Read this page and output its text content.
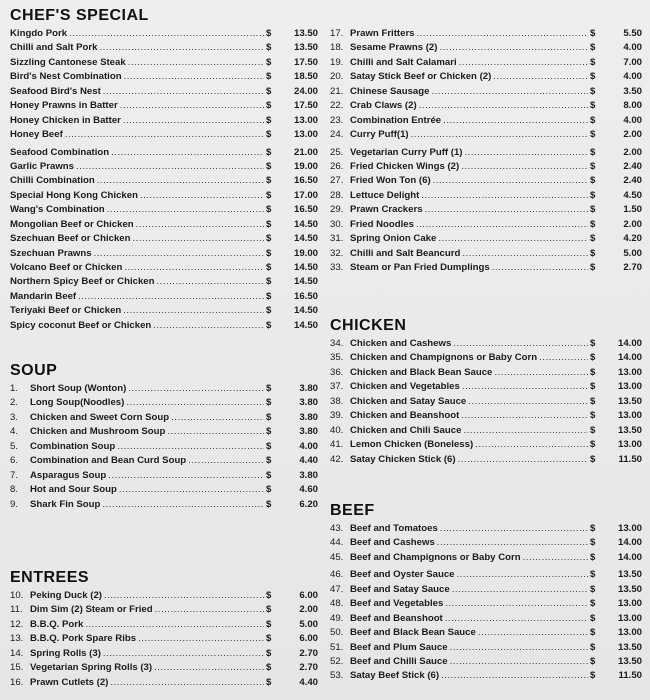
CHEF'S SPECIAL
Kingdo Pork .....	$ 13.50
Chilli and Salt Pork .....	$ 13.50
Sizzling Cantonese Steak .....	$ 17.50
Bird's Nest Combination .....	$ 18.50
Seafood Bird's Nest .....	$ 24.00
Honey Prawns in Batter .....	$ 17.50
Honey Chicken in Batter .....	$ 13.00
Honey Beef .....	$ 13.00
Seafood Combination .....	$ 21.00
Garlic Prawns .....	$ 19.00
Chilli Combination .....	$ 16.50
Special Hong Kong Chicken .....	$ 17.00
Wang's Combination .....	$ 16.50
Mongolian Beef or Chicken .....	$ 14.50
Szechuan Beef or Chicken .....	$ 14.50
Szechuan Prawns .....	$ 19.00
Volcano Beef or Chicken .....	$ 14.50
Northern Spicy Beef or Chicken .....	$ 14.50
Mandarin Beef .....	$ 16.50
Teriyaki Beef or Chicken .....	$ 14.50
Spicy coconut Beef or Chicken .....	$ 14.50
SOUP
1.	Short Soup (Wonton) .....	$	3.80
2.	Long Soup(Noodles) .....	$	3.80
3.	Chicken and Sweet Corn Soup .....	$	3.80
4.	Chicken and Mushroom Soup .....	$	3.80
5.	Combination Soup .....	$	4.00
6.	Combination and Bean Curd Soup .....	$	4.40
7.	Asparagus Soup .....	$	3.80
8.	Hot and Sour Soup .....	$	4.60
9.	Shark Fin Soup .....	$	6.20
ENTREES
10. Peking Duck (2) .....	$	6.00
11. Dim Sim (2) Steam or Fried .....	$	2.00
12. B.B.Q. Pork .....	$	5.00
13. B.B.Q. Pork Spare Ribs .....	$	6.00
14. Spring Rolls (3) .....	$	2.70
15. Vegetarian Spring Rolls (3) .....	$	2.70
16. Prawn Cutlets (2) .....	$	4.40
17. Prawn Fritters .....	$	5.50
18. Sesame Prawns (2) .....	$	4.00
19. Chilli and Salt Calamari .....	$	7.00
20. Satay Stick Beef or Chicken (2) .....	$	4.00
21. Chinese Sausage .....	$	3.50
22. Crab Claws (2) .....	$	8.00
23. Combination Entrée .....	$	4.00
24. Curry Puff(1) .....	$	2.00
25. Vegetarian Curry Puff (1) .....	$	2.00
26. Fried Chicken Wings (2) .....	$	2.40
27. Fried Won Ton (6) .....	$	2.40
28. Lettuce Delight .....	$	4.50
29. Prawn Crackers .....	$	1.50
30. Fried Noodles .....	$	2.00
31. Spring Onion Cake .....	$	4.20
32. Chilli and Salt Beancurd .....	$	5.00
33. Steam or Pan Fried Dumplings .....	$	2.70
CHICKEN
34. Chicken and Cashews .....	$ 14.00
35. Chicken and Champignons or Baby Corn .....	$ 14.00
36. Chicken and Black Bean Sauce .....	$ 13.00
37. Chicken and Vegetables .....	$ 13.00
38. Chicken and Satay Sauce .....	$ 13.50
39. Chicken and Beanshoot .....	$ 13.00
40. Chicken and Chili Sauce .....	$ 13.50
41. Lemon Chicken (Boneless) .....	$ 13.00
42. Satay Chicken Stick (6) .....	$ 11.50
BEEF
43. Beef and Tomatoes .....	$ 13.00
44. Beef and Cashews .....	$ 14.00
45. Beef and Champignons or Baby Corn .....	$ 14.00
46. Beef and Oyster Sauce .....	$ 13.50
47. Beef and Satay Sauce .....	$ 13.50
48. Beef and Vegetables .....	$ 13.00
49. Beef and Beanshoot .....	$ 13.00
50. Beef and Black Bean Sauce .....	$ 13.00
51. Beef and Plum Sauce .....	$ 13.50
52. Beef and Chilli Sauce .....	$ 13.50
53. Satay Beef Stick (6) .....	$ 11.50
